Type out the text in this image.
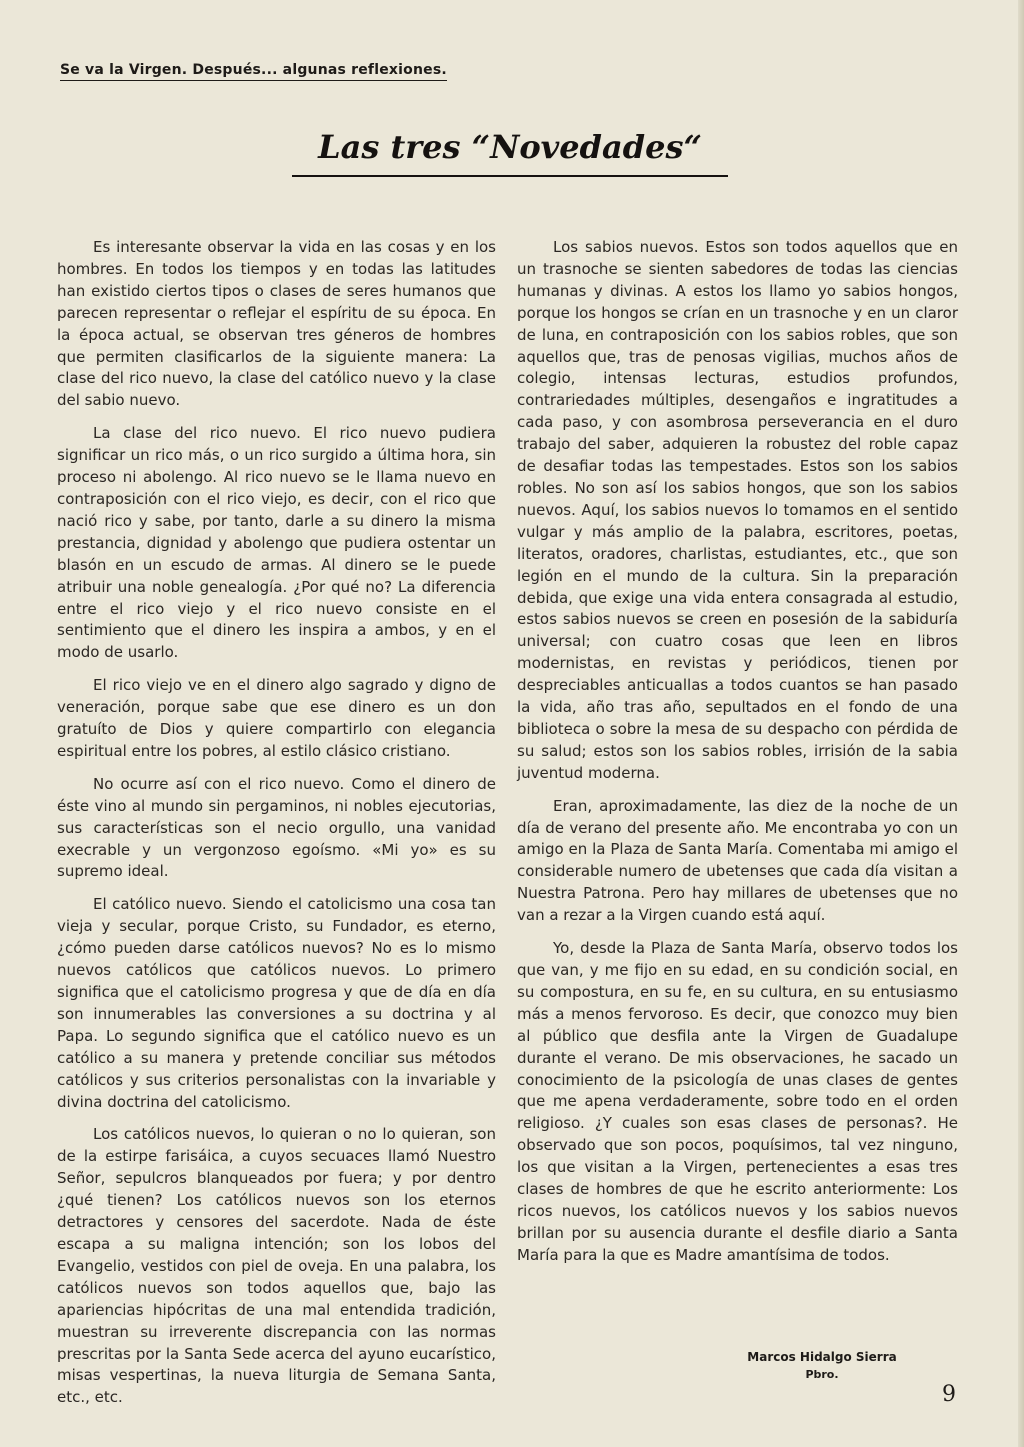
Se va la Virgen. Después... algunas reflexiones.
Las tres “Novedades“

Es interesante observar la vida en las cosas y en los hombres. En todos los tiempos y en todas las latitudes han existido ciertos tipos o clases de seres humanos que parecen representar o reflejar el espíritu de su época. En la época actual, se observan tres géneros de hombres que permiten clasificarlos de la siguiente manera: La clase del rico nuevo, la clase del católico nuevo y la clase del sabio nuevo.

La clase del rico nuevo. El rico nuevo pudiera significar un rico más, o un rico surgido a última hora, sin proceso ni abolengo. Al rico nuevo se le llama nuevo en contraposición con el rico viejo, es decir, con el rico que nació rico y sabe, por tanto, darle a su dinero la misma prestancia, dignidad y abolengo que pudiera ostentar un blasón en un escudo de armas. Al dinero se le puede atribuir una noble genealogía. ¿Por qué no? La diferencia entre el rico viejo y el rico nuevo consiste en el sentimiento que el dinero les inspira a ambos, y en el modo de usarlo.

El rico viejo ve en el dinero algo sagrado y digno de veneración, porque sabe que ese dinero es un don gratuíto de Dios y quiere compartirlo con elegancia espiritual entre los pobres, al estilo clásico cristiano.

No ocurre así con el rico nuevo. Como el dinero de éste vino al mundo sin pergaminos, ni nobles ejecutorias, sus características son el necio orgullo, una vanidad execrable y un vergonzoso egoísmo. «Mi yo» es su supremo ideal.

El católico nuevo. Siendo el catolicismo una cosa tan vieja y secular, porque Cristo, su Fundador, es eterno, ¿cómo pueden darse católicos nuevos? No es lo mismo nuevos católicos que católicos nuevos. Lo primero significa que el catolicismo progresa y que de día en día son innumerables las conversiones a su doctrina y al Papa. Lo segundo significa que el católico nuevo es un católico a su manera y pretende conciliar sus métodos católicos y sus criterios personalistas con la invariable y divina doctrina del catolicismo.

Los católicos nuevos, lo quieran o no lo quieran, son de la estirpe farisáica, a cuyos secuaces llamó Nuestro Señor, sepulcros blanqueados por fuera; y por dentro ¿qué tienen? Los católicos nuevos son los eternos detractores y censores del sacerdote. Nada de éste escapa a su maligna intención; son los lobos del Evangelio, vestidos con piel de oveja. En una palabra, los católicos nuevos son todos aquellos que, bajo las apariencias hipócritas de una mal entendida tradición, muestran su irreverente discrepancia con las normas prescritas por la Santa Sede acerca del ayuno eucarístico, misas vespertinas, la nueva liturgia de Semana Santa, etc., etc.

Los sabios nuevos. Estos son todos aquellos que en un trasnoche se sienten sabedores de todas las ciencias humanas y divinas. A estos los llamo yo sabios hongos, porque los hongos se crían en un trasnoche y en un claror de luna, en contraposición con los sabios robles, que son aquellos que, tras de penosas vigilias, muchos años de colegio, intensas lecturas, estudios profundos, contrariedades múltiples, desengaños e ingratitudes a cada paso, y con asombrosa perseverancia en el duro trabajo del saber, adquieren la robustez del roble capaz de desafiar todas las tempestades. Estos son los sabios robles. No son así los sabios hongos, que son los sabios nuevos. Aquí, los sabios nuevos lo tomamos en el sentido vulgar y más amplio de la palabra, escritores, poetas, literatos, oradores, charlistas, estudiantes, etc., que son legión en el mundo de la cultura. Sin la preparación debida, que exige una vida entera consagrada al estudio, estos sabios nuevos se creen en posesión de la sabiduría universal; con cuatro cosas que leen en libros modernistas, en revistas y periódicos, tienen por despreciables anticuallas a todos cuantos se han pasado la vida, año tras año, sepultados en el fondo de una biblioteca o sobre la mesa de su despacho con pérdida de su salud; estos son los sabios robles, irrisión de la sabia juventud moderna.

Eran, aproximadamente, las diez de la noche de un día de verano del presente año. Me encontraba yo con un amigo en la Plaza de Santa María. Comentaba mi amigo el considerable numero de ubetenses que cada día visitan a Nuestra Patrona. Pero hay millares de ubetenses que no van a rezar a la Virgen cuando está aquí.

Yo, desde la Plaza de Santa María, observo todos los que van, y me fijo en su edad, en su condición social, en su compostura, en su fe, en su cultura, en su entusiasmo más a menos fervoroso. Es decir, que conozco muy bien al público que desfila ante la Virgen de Guadalupe durante el verano. De mis observaciones, he sacado un conocimiento de la psicología de unas clases de gentes que me apena verdaderamente, sobre todo en el orden religioso. ¿Y cuales son esas clases de personas?. He observado que son pocos, poquísimos, tal vez ninguno, los que visitan a la Virgen, pertenecientes a esas tres clases de hombres de que he escrito anteriormente: Los ricos nuevos, los católicos nuevos y los sabios nuevos brillan por su ausencia durante el desfile diario a Santa María para la que es Madre amantísima de todos.

Marcos Hidalgo Sierra
Pbro.
9
